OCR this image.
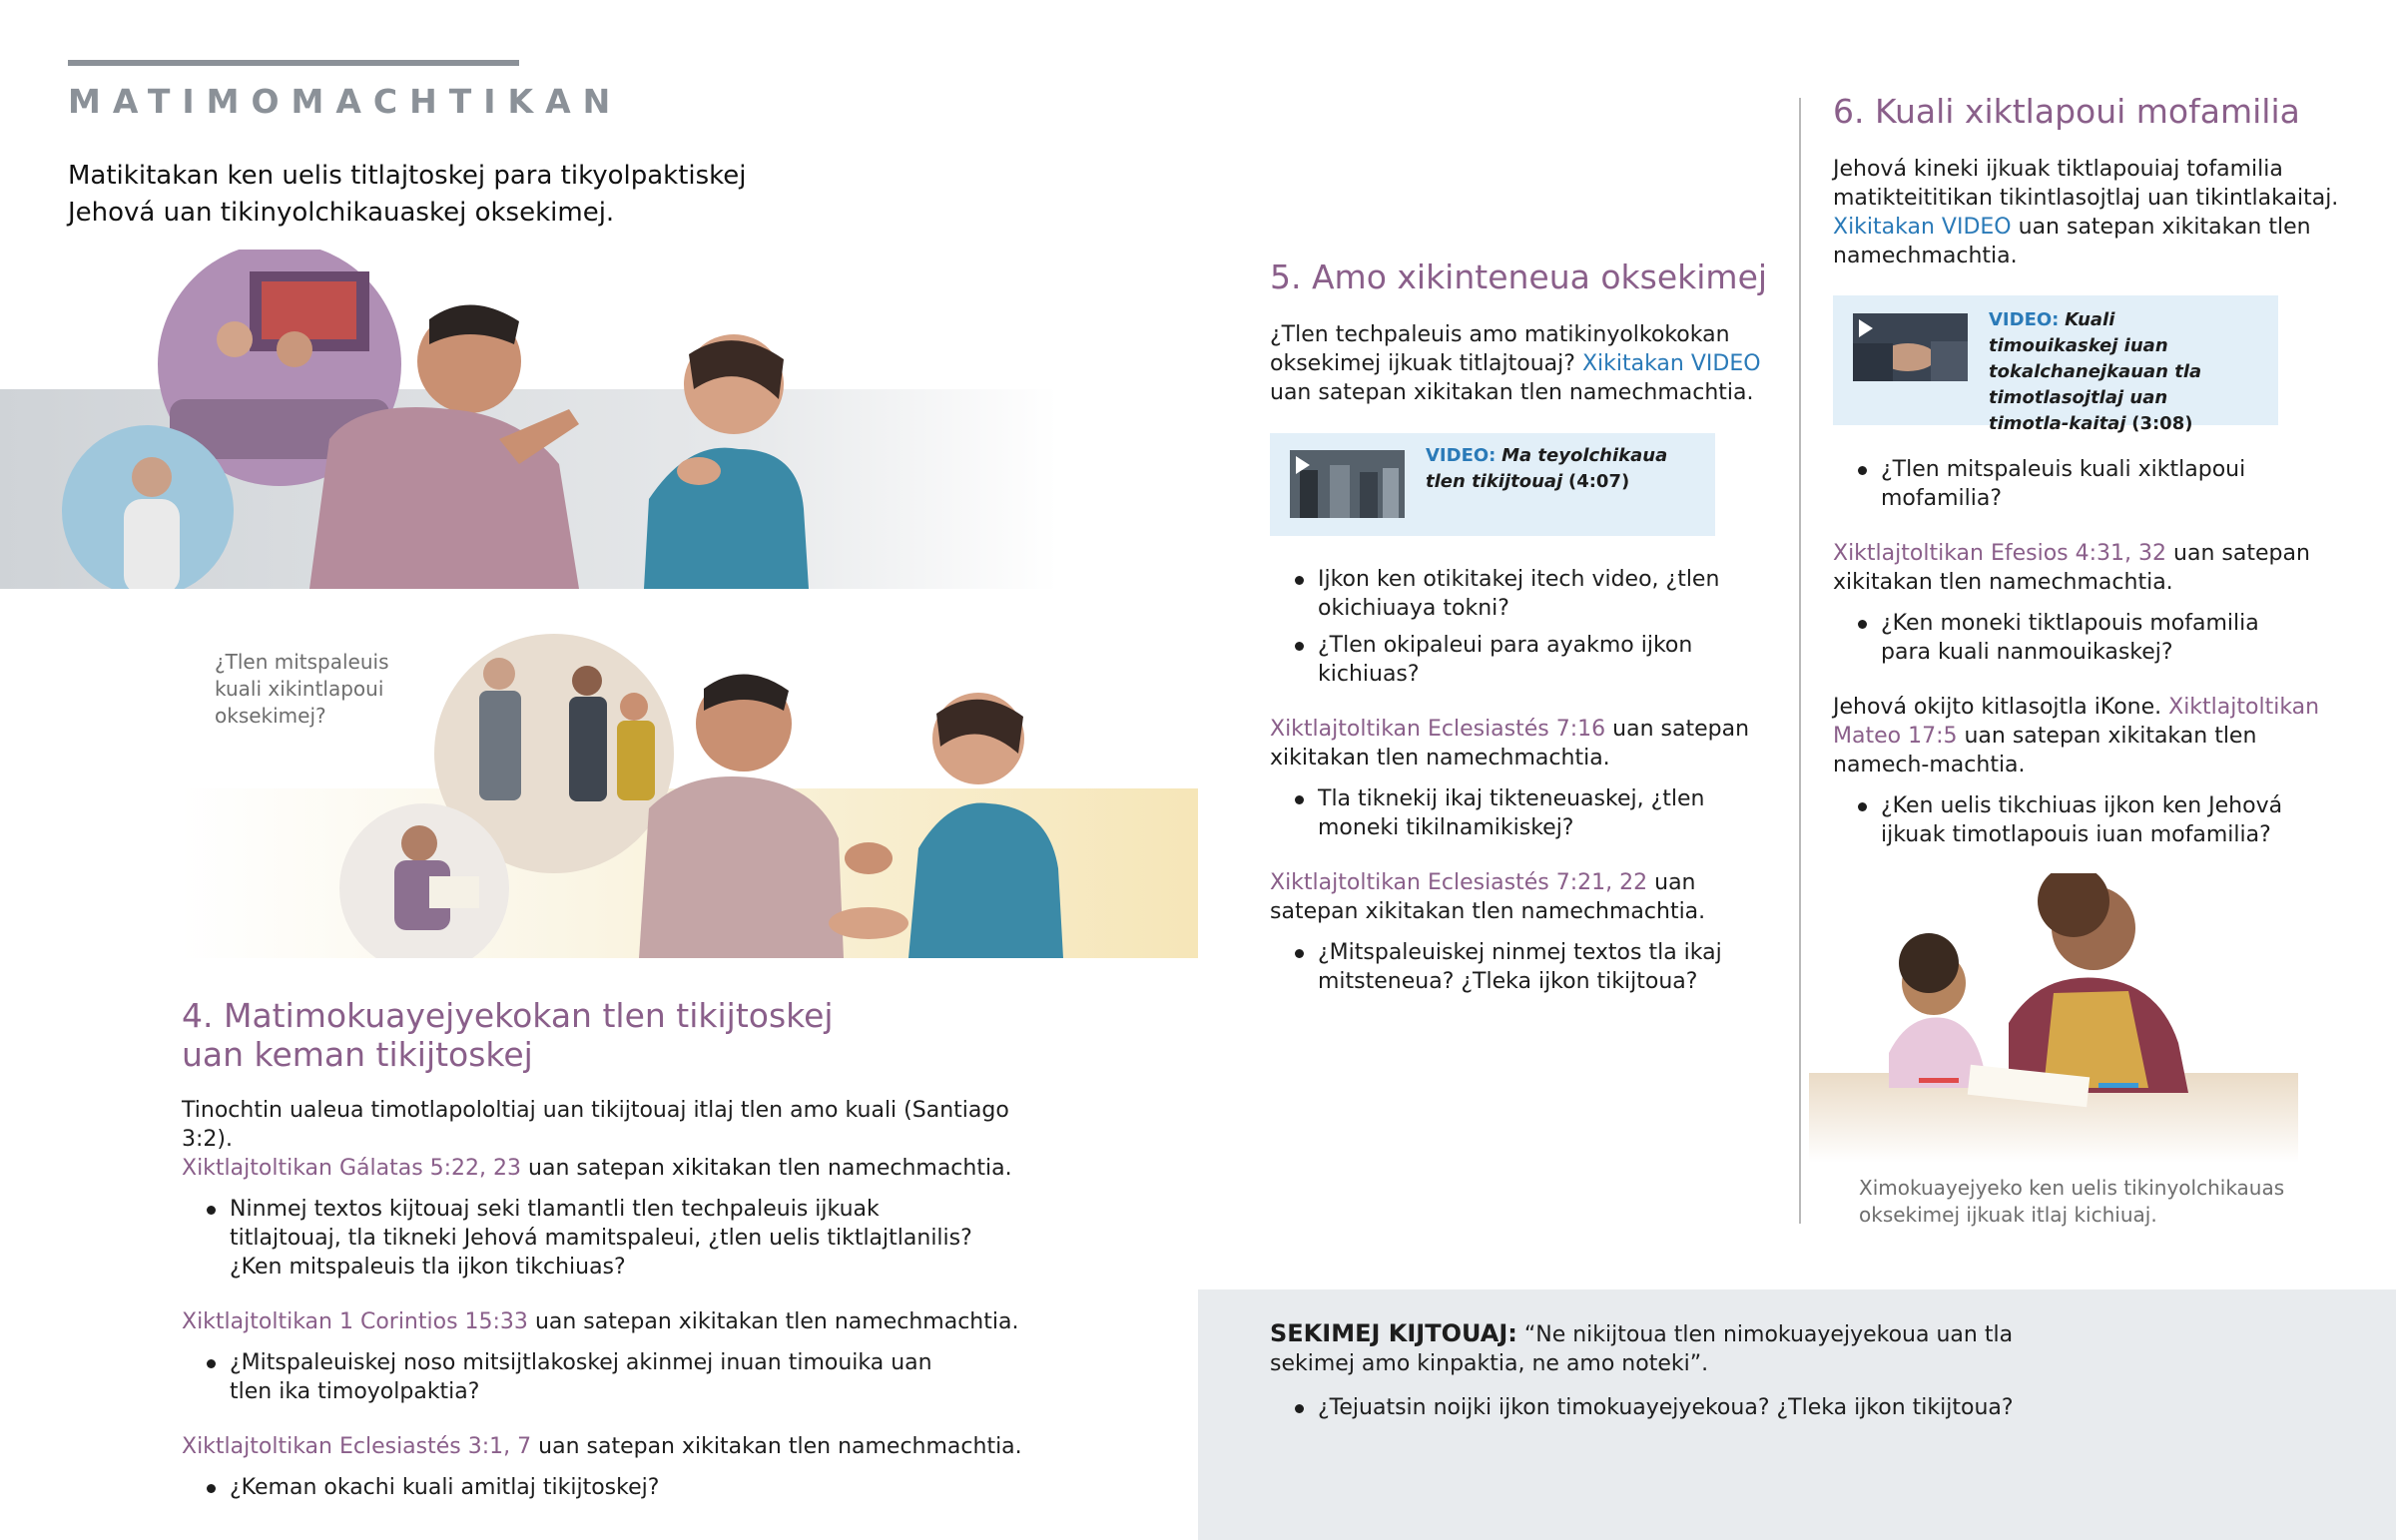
MATIMOMACHTIKAN
Matikitakan ken uelis titlajtoskej para tikyolpaktiskej Jehová uan tikinyolchikauaskej oksekimej.
¿Tlen mitspaleuis kuali xikintlapoui oksekimej?
4. Matimokuayejyekokan tlen tikijtoskej
uan keman tikijtoskej
Tinochtin ualeua timotlapololtiaj uan tikijtouaj itlaj tlen amo kuali (Santiago 3:2).
Xiktlajtoltikan Gálatas 5:22, 23 uan satepan xikitakan tlen namechmachtia.
Ninmej textos kijtouaj seki tlamantli tlen techpaleuis ijkuak titlajtouaj, tla tikneki Jehová mamitspaleui, ¿tlen uelis tiktlajtlanilis? ¿Ken mitspaleuis tla ijkon tikchiuas?
Xiktlajtoltikan 1 Corintios 15:33 uan satepan xikitakan tlen namechmachtia.
¿Mitspaleuiskej noso mitsijtlakoskej akinmej inuan timouika uan tlen ika timoyolpaktia?
Xiktlajtoltikan Eclesiastés 3:1, 7 uan satepan xikitakan tlen namechmachtia.
¿Keman okachi kuali amitlaj tikijtoskej?
5. Amo xikinteneua oksekimej
¿Tlen techpaleuis amo matikinyolkokokan oksekimej ijkuak titlajtouaj? Xikitakan VIDEO uan satepan xikitakan tlen namechmachtia.
VIDEO: Ma teyolchikaua tlen tikijtouaj (4:07)
Ijkon ken otikitakej itech video, ¿tlen okichiuaya tokni?
¿Tlen okipaleui para ayakmo ijkon kichiuas?
Xiktlajtoltikan Eclesiastés 7:16 uan satepan xikitakan tlen namechmachtia.
Tla tiknekij ikaj tikteneuaskej, ¿tlen moneki tikilnamikiskej?
Xiktlajtoltikan Eclesiastés 7:21, 22 uan satepan xikitakan tlen namechmachtia.
¿Mitspaleuiskej ninmej textos tla ikaj mitsteneua? ¿Tleka ijkon tikijtoua?
6. Kuali xiktlapoui mofamilia
Jehová kineki ijkuak tiktlapouiaj tofamilia matikteititikan tikintlasojtlaj uan tikintlakaitaj. Xikitakan VIDEO uan satepan xikitakan tlen namechmachtia.
VIDEO: Kuali timouikaskej iuan tokalchanejkauan tla timotlasojtlaj uan timotla-kaitaj (3:08)
¿Tlen mitspaleuis kuali xiktlapoui mofamilia?
Xiktlajtoltikan Efesios 4:31, 32 uan satepan xikitakan tlen namechmachtia.
¿Ken moneki tiktlapouis mofamilia para kuali nanmouikaskej?
Jehová okijto kitlasojtla iKone. Xiktlajtoltikan Mateo 17:5 uan satepan xikitakan tlen namech-machtia.
¿Ken uelis tikchiuas ijkon ken Jehová ijkuak timotlapouis iuan mofamilia?
Ximokuayejyeko ken uelis tikinyolchikauas oksekimej ijkuak itlaj kichiuaj.
SEKIMEJ KIJTOUAJ: “Ne nikijtoua tlen nimokuayejyekoua uan tla sekimej amo kinpaktia, ne amo noteki”.
¿Tejuatsin noijki ijkon timokuayejyekoua? ¿Tleka ijkon tikijtoua?
